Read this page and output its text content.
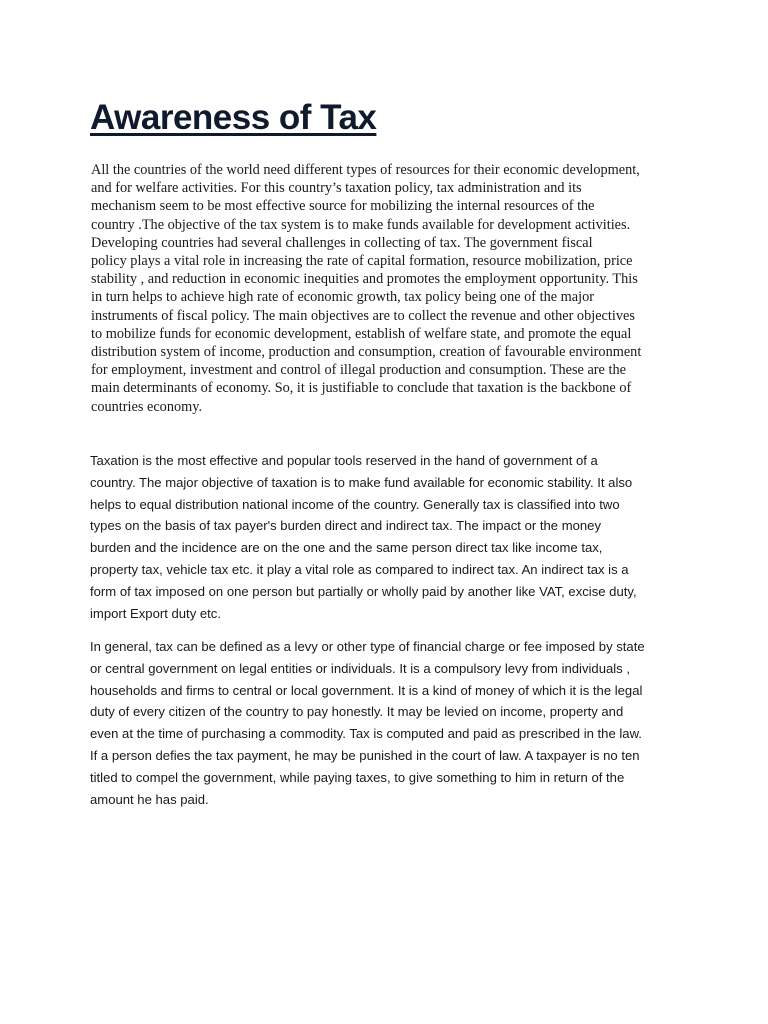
Awareness of Tax

All the countries of the world need different types of resources for their economic development,
and for welfare activities. For this country’s taxation policy, tax administration and its
mechanism seem to be most effective source for mobilizing the internal resources of the
country .The objective of the tax system is to make funds available for development activities.
Developing countries had several challenges in collecting of tax. The government fiscal
policy plays a vital role in increasing the rate of capital formation, resource mobilization, price
stability , and reduction in economic inequities and promotes the employment opportunity. This
in turn helps to achieve high rate of economic growth, tax policy being one of the major
instruments of fiscal policy. The main objectives are to collect the revenue and other objectives
to mobilize funds for economic development, establish of welfare state, and promote the equal
distribution system of income, production and consumption, creation of favourable environment
for employment, investment and control of illegal production and consumption. These are the
main determinants of economy. So, it is justifiable to conclude that taxation is the backbone of
countries economy.

Taxation is the most effective and popular tools reserved in the hand of government of a
country. The major objective of taxation is to make fund available for economic stability. It also
helps to equal distribution national income of the country. Generally tax is classified into two
types on the basis of tax payer's burden direct and indirect tax. The impact or the money
burden and the incidence are on the one and the same person direct tax like income tax,
property tax, vehicle tax etc. it play a vital role as compared to indirect tax. An indirect tax is a
form of tax imposed on one person but partially or wholly paid by another like VAT, excise duty,
import Export duty etc.

In general, tax can be defined as a levy or other type of financial charge or fee imposed by state
or central government on legal entities or individuals. It is a compulsory levy from individuals ,
households and firms to central or local government. It is a kind of money of which it is the legal
duty of every citizen of the country to pay honestly. It may be levied on income, property and
even at the time of purchasing a commodity. Tax is computed and paid as prescribed in the law.
If a person defies the tax payment, he may be punished in the court of law. A taxpayer is no ten
titled to compel the government, while paying taxes, to give something to him in return of the
amount he has paid.
